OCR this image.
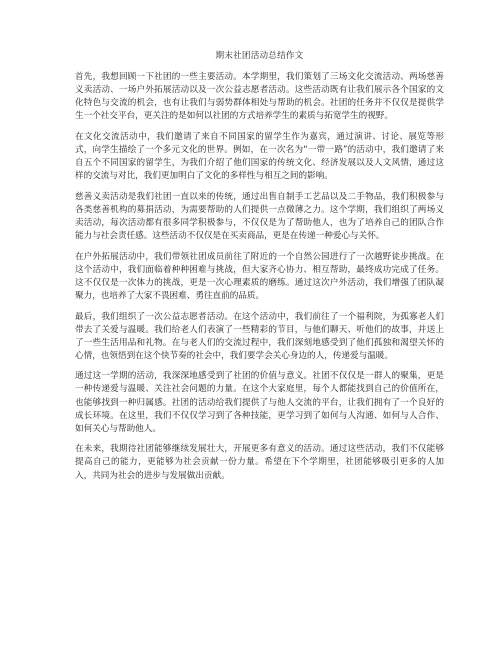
期末社团活动总结作文

首先，我想回顾一下社团的一些主要活动。本学期里，我们策划了三场文化交流活动、两场慈善义卖活动、一场户外拓展活动以及一次公益志愿者活动。这些活动既有让我们展示各个国家的文化特色与交流的机会，也有让我们与弱势群体相处与帮助的机会。社团的任务并不仅仅是提供学生一个社交平台，更关注的是如何以社团的方式培养学生的素质与拓宽学生的视野。

在文化交流活动中，我们邀请了来自不同国家的留学生作为嘉宾，通过演讲、讨论、展览等形式，向学生描绘了一个多元文化的世界。例如，在一次名为“一带一路”的活动中，我们邀请了来自五个不同国家的留学生，为我们介绍了他们国家的传统文化、经济发展以及人文风情，通过这样的交流与对比，我们更加明白了文化的多样性与相互之间的影响。

慈善义卖活动是我们社团一直以来的传统，通过出售自制手工艺品以及二手物品，我们积极参与各类慈善机构的募捐活动，为需要帮助的人们提供一点微薄之力。这个学期，我们组织了两场义卖活动，每次活动都有很多同学积极参与，不仅仅是为了帮助他人，也为了培养自己的团队合作能力与社会责任感。这些活动不仅仅是在买卖商品，更是在传递一种爱心与关怀。

在户外拓展活动中，我们带领社团成员前往了附近的一个自然公园进行了一次越野徒步挑战。在这个活动中，我们面临着种种困难与挑战，但大家齐心协力、相互帮助，最终成功完成了任务。这不仅仅是一次体力的挑战，更是一次心理素质的磨练。通过这次户外活动，我们增强了团队凝聚力，也培养了大家不畏困难、勇往直前的品质。

最后，我们组织了一次公益志愿者活动。在这个活动中，我们前往了一个福利院，为孤寡老人们带去了关爱与温暖。我们给老人们表演了一些精彩的节目，与他们聊天、听他们的故事，并送上了一些生活用品和礼物。在与老人们的交流过程中，我们深刻地感受到了他们孤独和渴望关怀的心情，也领悟到在这个快节奏的社会中，我们要学会关心身边的人，传递爱与温暖。

通过这一学期的活动，我深深地感受到了社团的价值与意义。社团不仅仅是一群人的聚集，更是一种传递爱与温暖、关注社会问题的力量。在这个大家庭里，每个人都能找到自己的价值所在，也能够找到一种归属感。社团的活动给我们提供了与他人交流的平台，让我们拥有了一个良好的成长环境。在这里，我们不仅仅学习到了各种技能，更学习到了如何与人沟通、如何与人合作、如何关心与帮助他人。

在未来，我期待社团能够继续发展壮大，开展更多有意义的活动。通过这些活动，我们不仅能够提高自己的能力，更能够为社会贡献一份力量。希望在下个学期里，社团能够吸引更多的人加入，共同为社会的进步与发展做出贡献。
